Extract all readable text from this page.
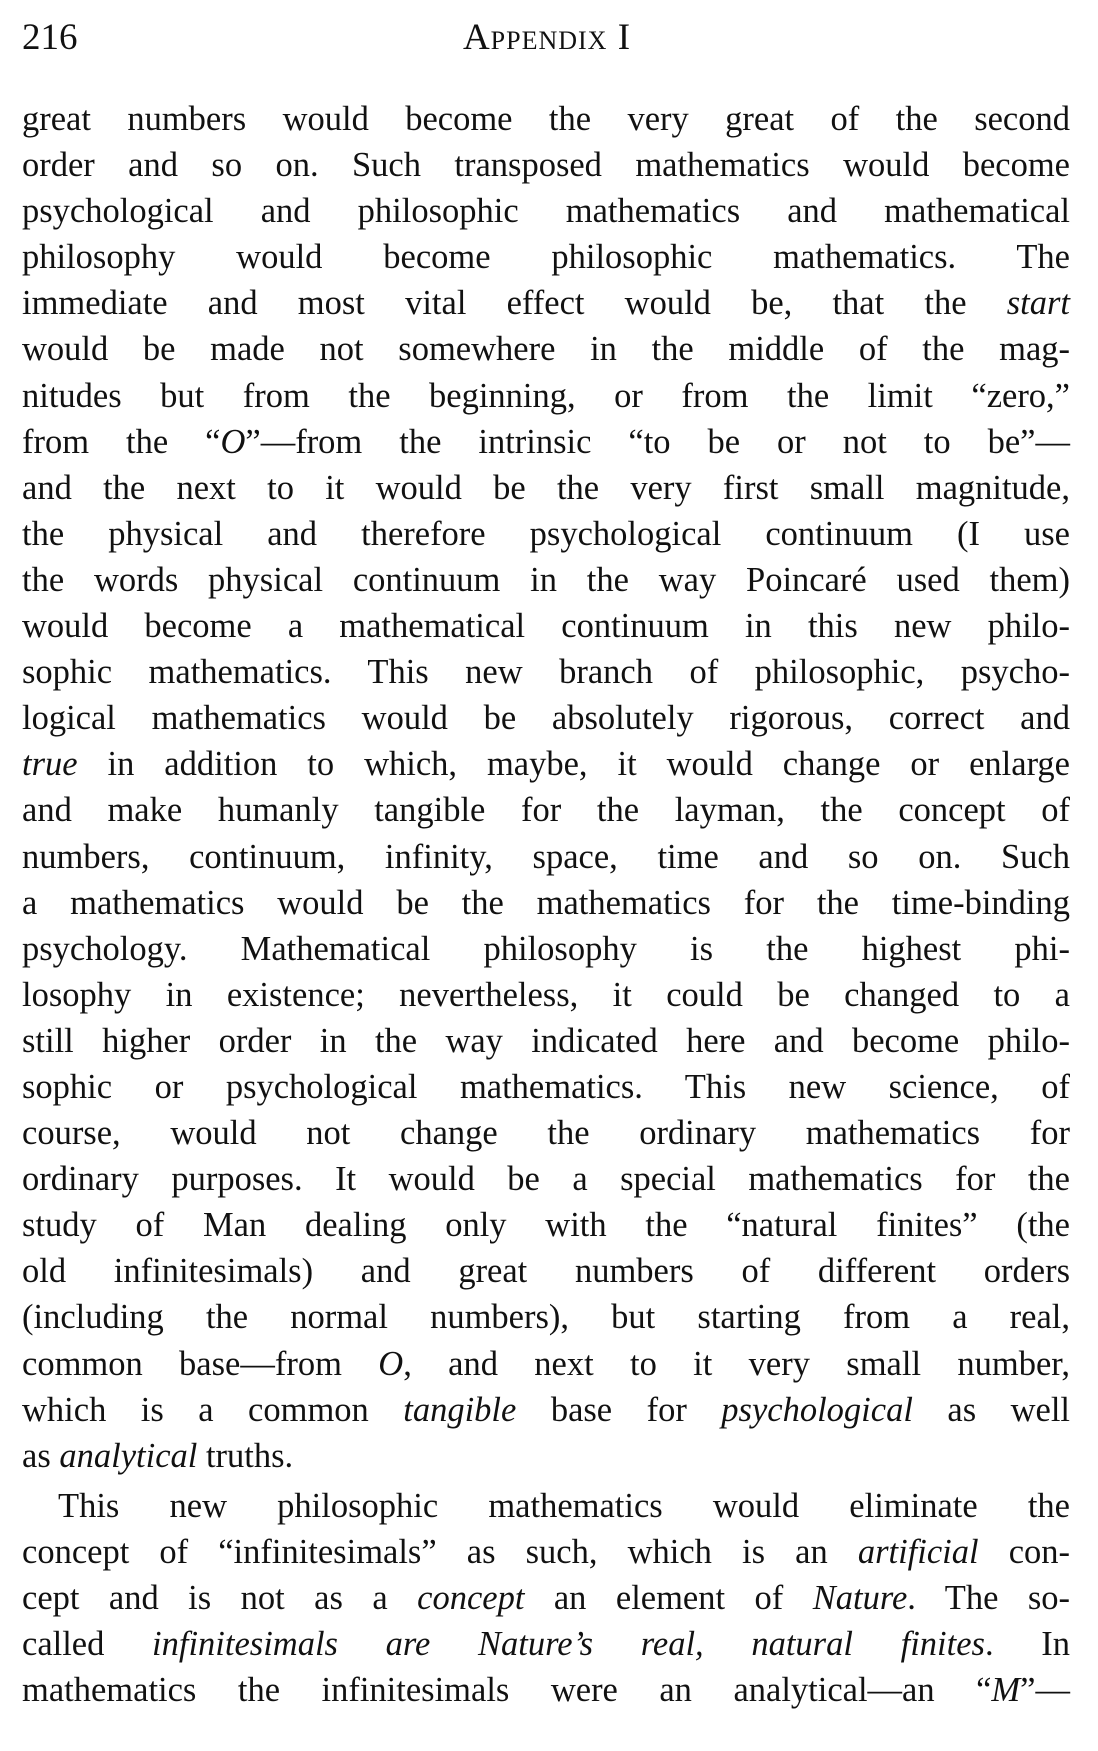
216	Appendix I
great numbers would become the very great of the second
order and so on. Such transposed mathematics would become
psychological and philosophic mathematics and mathematical
philosophy would become philosophic mathematics. The
immediate and most vital effect would be, that the start
would be made not somewhere in the middle of the mag-
nitudes but from the beginning, or from the limit “zero,”
from the “O”—from the intrinsic “to be or not to be”—
and the next to it would be the very first small magnitude,
the physical and therefore psychological continuum (I use
the words physical continuum in the way Poincaré used them)
would become a mathematical continuum in this new philo-
sophic mathematics. This new branch of philosophic, psycho-
logical mathematics would be absolutely rigorous, correct and
true in addition to which, maybe, it would change or enlarge
and make humanly tangible for the layman, the concept of
numbers, continuum, infinity, space, time and so on. Such
a mathematics would be the mathematics for the time-binding
psychology. Mathematical philosophy is the highest phi-
losophy in existence; nevertheless, it could be changed to a
still higher order in the way indicated here and become philo-
sophic or psychological mathematics. This new science, of
course, would not change the ordinary mathematics for
ordinary purposes. It would be a special mathematics for the
study of Man dealing only with the “natural finites” (the
old infinitesimals) and great numbers of different orders
(including the normal numbers), but starting from a real,
common base—from O, and next to it very small number,
which is a common tangible base for psychological as well
as analytical truths.
This new philosophic mathematics would eliminate the
concept of “infinitesimals” as such, which is an artificial con-
cept and is not as a concept an element of Nature. The so-
called infinitesimals are Nature’s real, natural finites. In
mathematics the infinitesimals were an analytical—an “M”—
